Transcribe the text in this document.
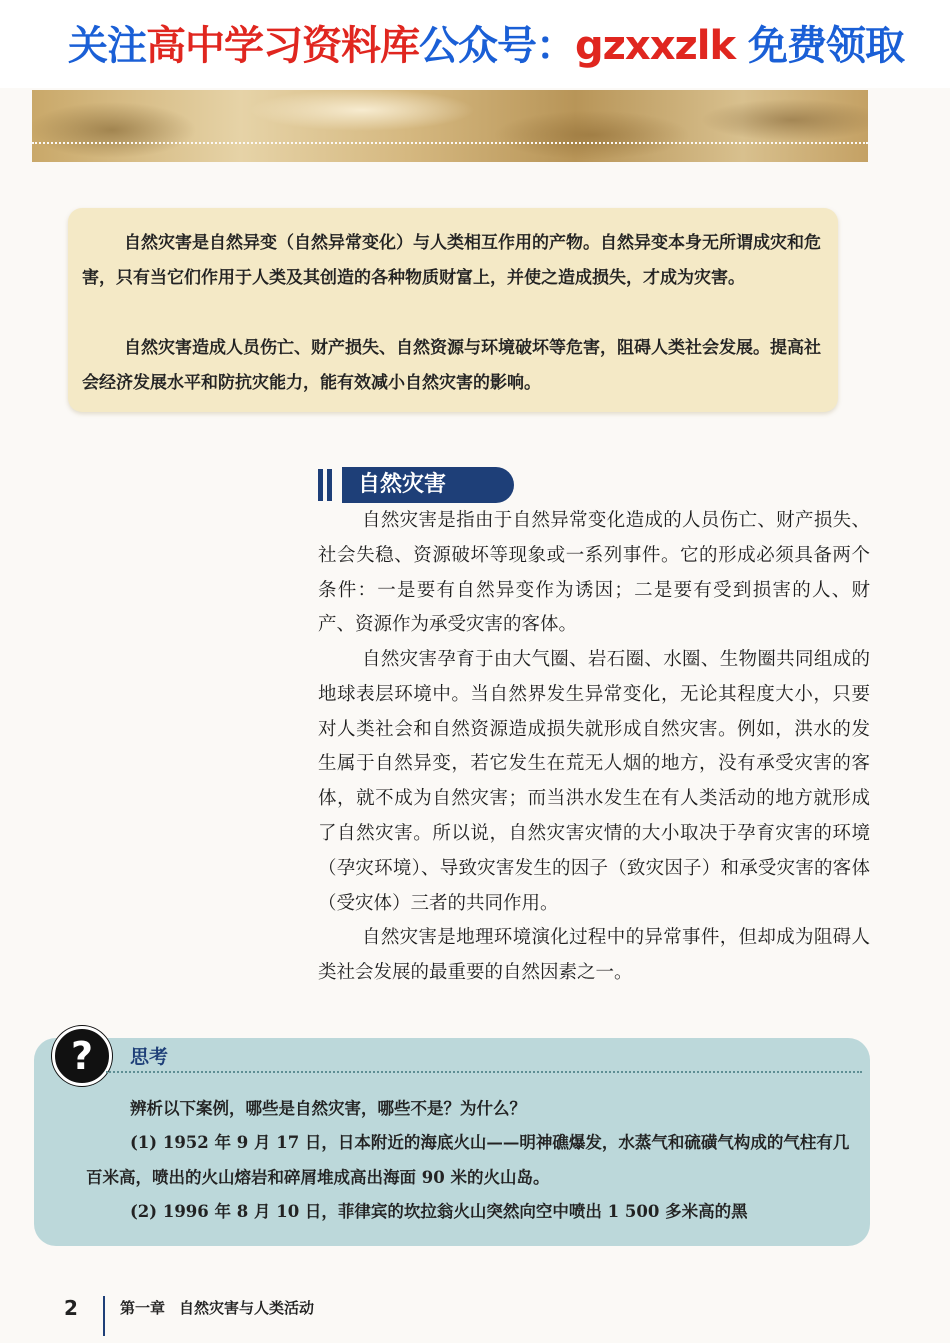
关注高中学习资料库公众号：gzxxzlk 免费领取

自然灾害是自然异变（自然异常变化）与人类相互作用的产物。自然异变本身无所谓成灾和危害，只有当它们作用于人类及其创造的各种物质财富上，并使之造成损失，才成为灾害。

自然灾害造成人员伤亡、财产损失、自然资源与环境破坏等危害，阻碍人类社会发展。提高社会经济发展水平和防抗灾能力，能有效减小自然灾害的影响。

自然灾害

自然灾害是指由于自然异常变化造成的人员伤亡、财产损失、社会失稳、资源破坏等现象或一系列事件。它的形成必须具备两个条件：一是要有自然异变作为诱因；二是要有受到损害的人、财产、资源作为承受灾害的客体。

自然灾害孕育于由大气圈、岩石圈、水圈、生物圈共同组成的地球表层环境中。当自然界发生异常变化，无论其程度大小，只要对人类社会和自然资源造成损失就形成自然灾害。例如，洪水的发生属于自然异变，若它发生在荒无人烟的地方，没有承受灾害的客体，就不成为自然灾害；而当洪水发生在有人类活动的地方就形成了自然灾害。所以说，自然灾害灾情的大小取决于孕育灾害的环境（孕灾环境）、导致灾害发生的因子（致灾因子）和承受灾害的客体（受灾体）三者的共同作用。

自然灾害是地理环境演化过程中的异常事件，但却成为阻碍人类社会发展的最重要的自然因素之一。

?	思考

辨析以下案例，哪些是自然灾害，哪些不是？为什么？

(1) 1952 年 9 月 17 日，日本附近的海底火山——明神礁爆发，水蒸气和硫磺气构成的气柱有几百米高，喷出的火山熔岩和碎屑堆成高出海面 90 米的火山岛。

(2) 1996 年 8 月 10 日，菲律宾的坎拉翁火山突然向空中喷出 1 500 多米高的黑

2	第一章 自然灾害与人类活动
